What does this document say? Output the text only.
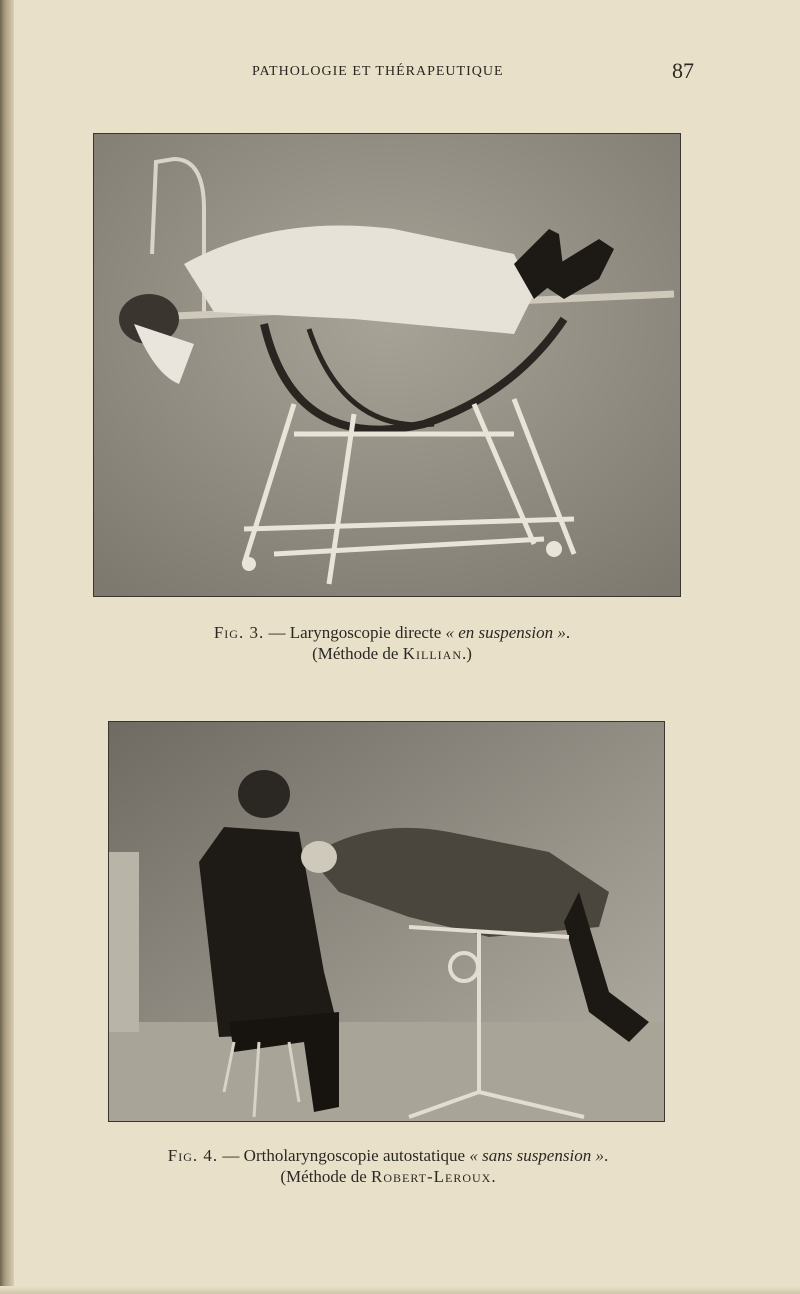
PATHOLOGIE ET THÉRAPEUTIQUE	87
Fig. 3. — Laryngoscopie directe « en suspension ».
(Méthode de Killian.)
Fig. 4. — Ortholaryngoscopie autostatique « sans suspension ».
(Méthode de Robert-Leroux.
